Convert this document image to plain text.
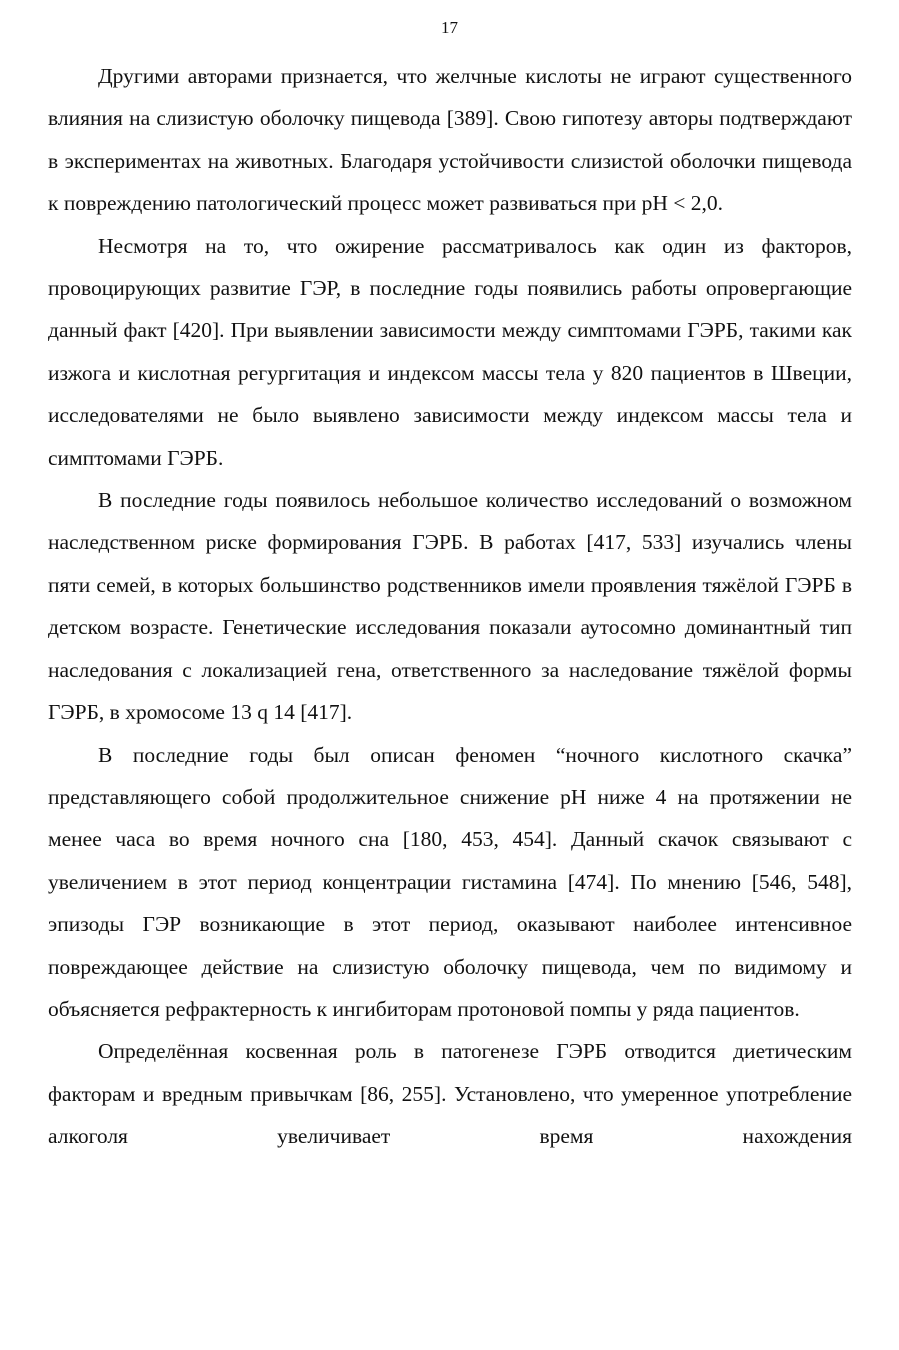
17

Другими авторами признается, что желчные кислоты не играют существенного влияния на слизистую оболочку пищевода [389]. Свою гипотезу авторы подтверждают в экспериментах на животных. Благодаря устойчивости слизистой оболочки пищевода к повреждению патологический процесс может развиваться при pH < 2,0.

Несмотря на то, что ожирение рассматривалось как один из факторов, провоцирующих развитие ГЭР, в последние годы появились работы опровергающие данный факт [420]. При выявлении зависимости между симптомами ГЭРБ, такими как изжога и кислотная регургитация и индексом массы тела у 820 пациентов в Швеции, исследователями не было выявлено зависимости между индексом массы тела и симптомами ГЭРБ.

В последние годы появилось небольшое количество исследований о возможном наследственном риске формирования ГЭРБ. В работах [417, 533] изучались члены пяти семей, в которых большинство родственников имели проявления тяжёлой ГЭРБ в детском возрасте. Генетические исследования показали аутосомно доминантный тип наследования с локализацией гена, ответственного за наследование тяжёлой формы ГЭРБ, в хромосоме 13 q 14 [417].

В последние годы был описан феномен “ночного кислотного скачка” представляющего собой продолжительное снижение pH ниже 4 на протяжении не менее часа во время ночного сна [180, 453, 454]. Данный скачок связывают с увеличением в этот период концентрации гистамина [474]. По мнению [546, 548], эпизоды ГЭР возникающие в этот период, оказывают наиболее интенсивное повреждающее действие на слизистую оболочку пищевода, чем по видимому и объясняется рефрактерность к ингибиторам протоновой помпы у ряда пациентов.

Определённая косвенная роль в патогенезе ГЭРБ отводится диетическим факторам и вредным привычкам [86, 255]. Установлено, что умеренное употребление алкоголя увеличивает время нахождения
